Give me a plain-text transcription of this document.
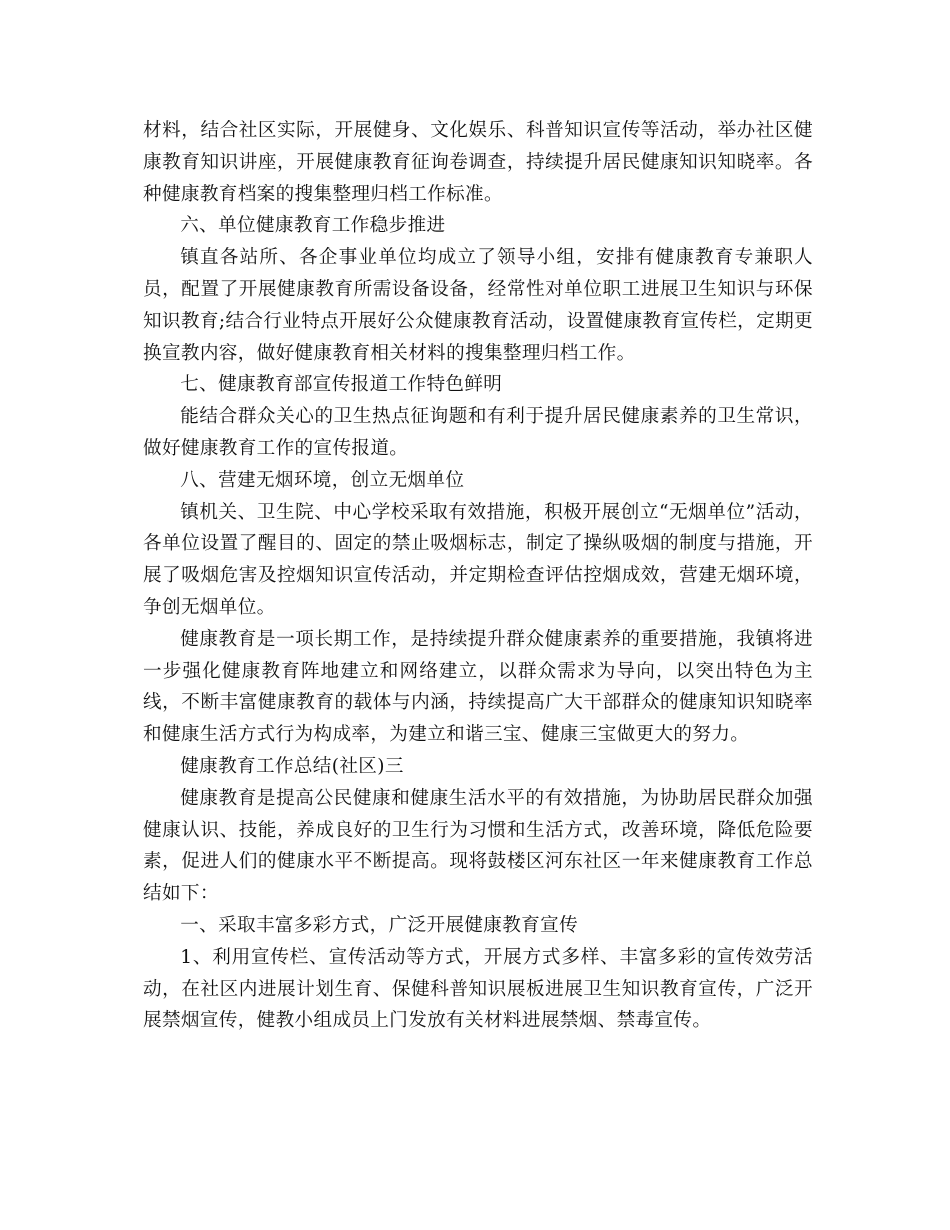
材料，结合社区实际，开展健身、文化娱乐、科普知识宣传等活动，举办社区健康教育知识讲座，开展健康教育征询卷调查，持续提升居民健康知识知晓率。各种健康教育档案的搜集整理归档工作标准。

六、单位健康教育工作稳步推进

镇直各站所、各企事业单位均成立了领导小组，安排有健康教育专兼职人员，配置了开展健康教育所需设备设备，经常性对单位职工进展卫生知识与环保知识教育;结合行业特点开展好公众健康教育活动，设置健康教育宣传栏，定期更换宣教内容，做好健康教育相关材料的搜集整理归档工作。

七、健康教育部宣传报道工作特色鲜明

能结合群众关心的卫生热点征询题和有利于提升居民健康素养的卫生常识，做好健康教育工作的宣传报道。

八、营建无烟环境，创立无烟单位

镇机关、卫生院、中心学校采取有效措施，积极开展创立“无烟单位”活动，各单位设置了醒目的、固定的禁止吸烟标志，制定了操纵吸烟的制度与措施，开展了吸烟危害及控烟知识宣传活动，并定期检查评估控烟成效，营建无烟环境，争创无烟单位。

健康教育是一项长期工作，是持续提升群众健康素养的重要措施，我镇将进一步强化健康教育阵地建立和网络建立，以群众需求为导向，以突出特色为主线，不断丰富健康教育的载体与内涵，持续提高广大干部群众的健康知识知晓率和健康生活方式行为构成率，为建立和谐三宝、健康三宝做更大的努力。

健康教育工作总结(社区)三

健康教育是提高公民健康和健康生活水平的有效措施，为协助居民群众加强健康认识、技能，养成良好的卫生行为习惯和生活方式，改善环境，降低危险要素，促进人们的健康水平不断提高。现将鼓楼区河东社区一年来健康教育工作总结如下：

一、采取丰富多彩方式，广泛开展健康教育宣传

1、利用宣传栏、宣传活动等方式，开展方式多样、丰富多彩的宣传效劳活动，在社区内进展计划生育、保健科普知识展板进展卫生知识教育宣传，广泛开展禁烟宣传，健教小组成员上门发放有关材料进展禁烟、禁毒宣传。
